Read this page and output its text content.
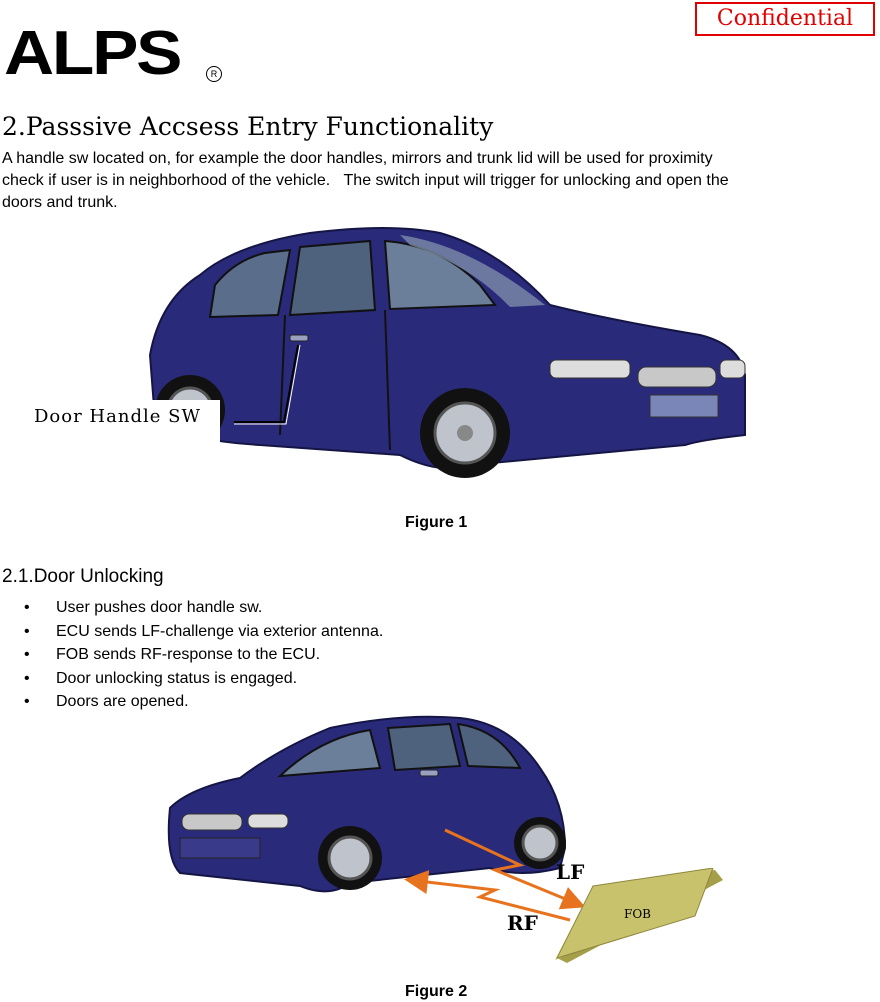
Confidential
ALPS	R
2.Passsive Accsess Entry Functionality
A handle sw located on, for example the door handles, mirrors and trunk lid will be used for proximity
check if user is in neighborhood of the vehicle.   The switch input will trigger for unlocking and open the
doors and trunk.
Door Handle SW
Figure 1
2.1.Door Unlocking
• User pushes door handle sw.
• ECU sends LF-challenge via exterior antenna.
• FOB sends RF-response to the ECU.
• Door unlocking status is engaged.
• Doors are opened.
LF
RF	FOB
Figure 2
